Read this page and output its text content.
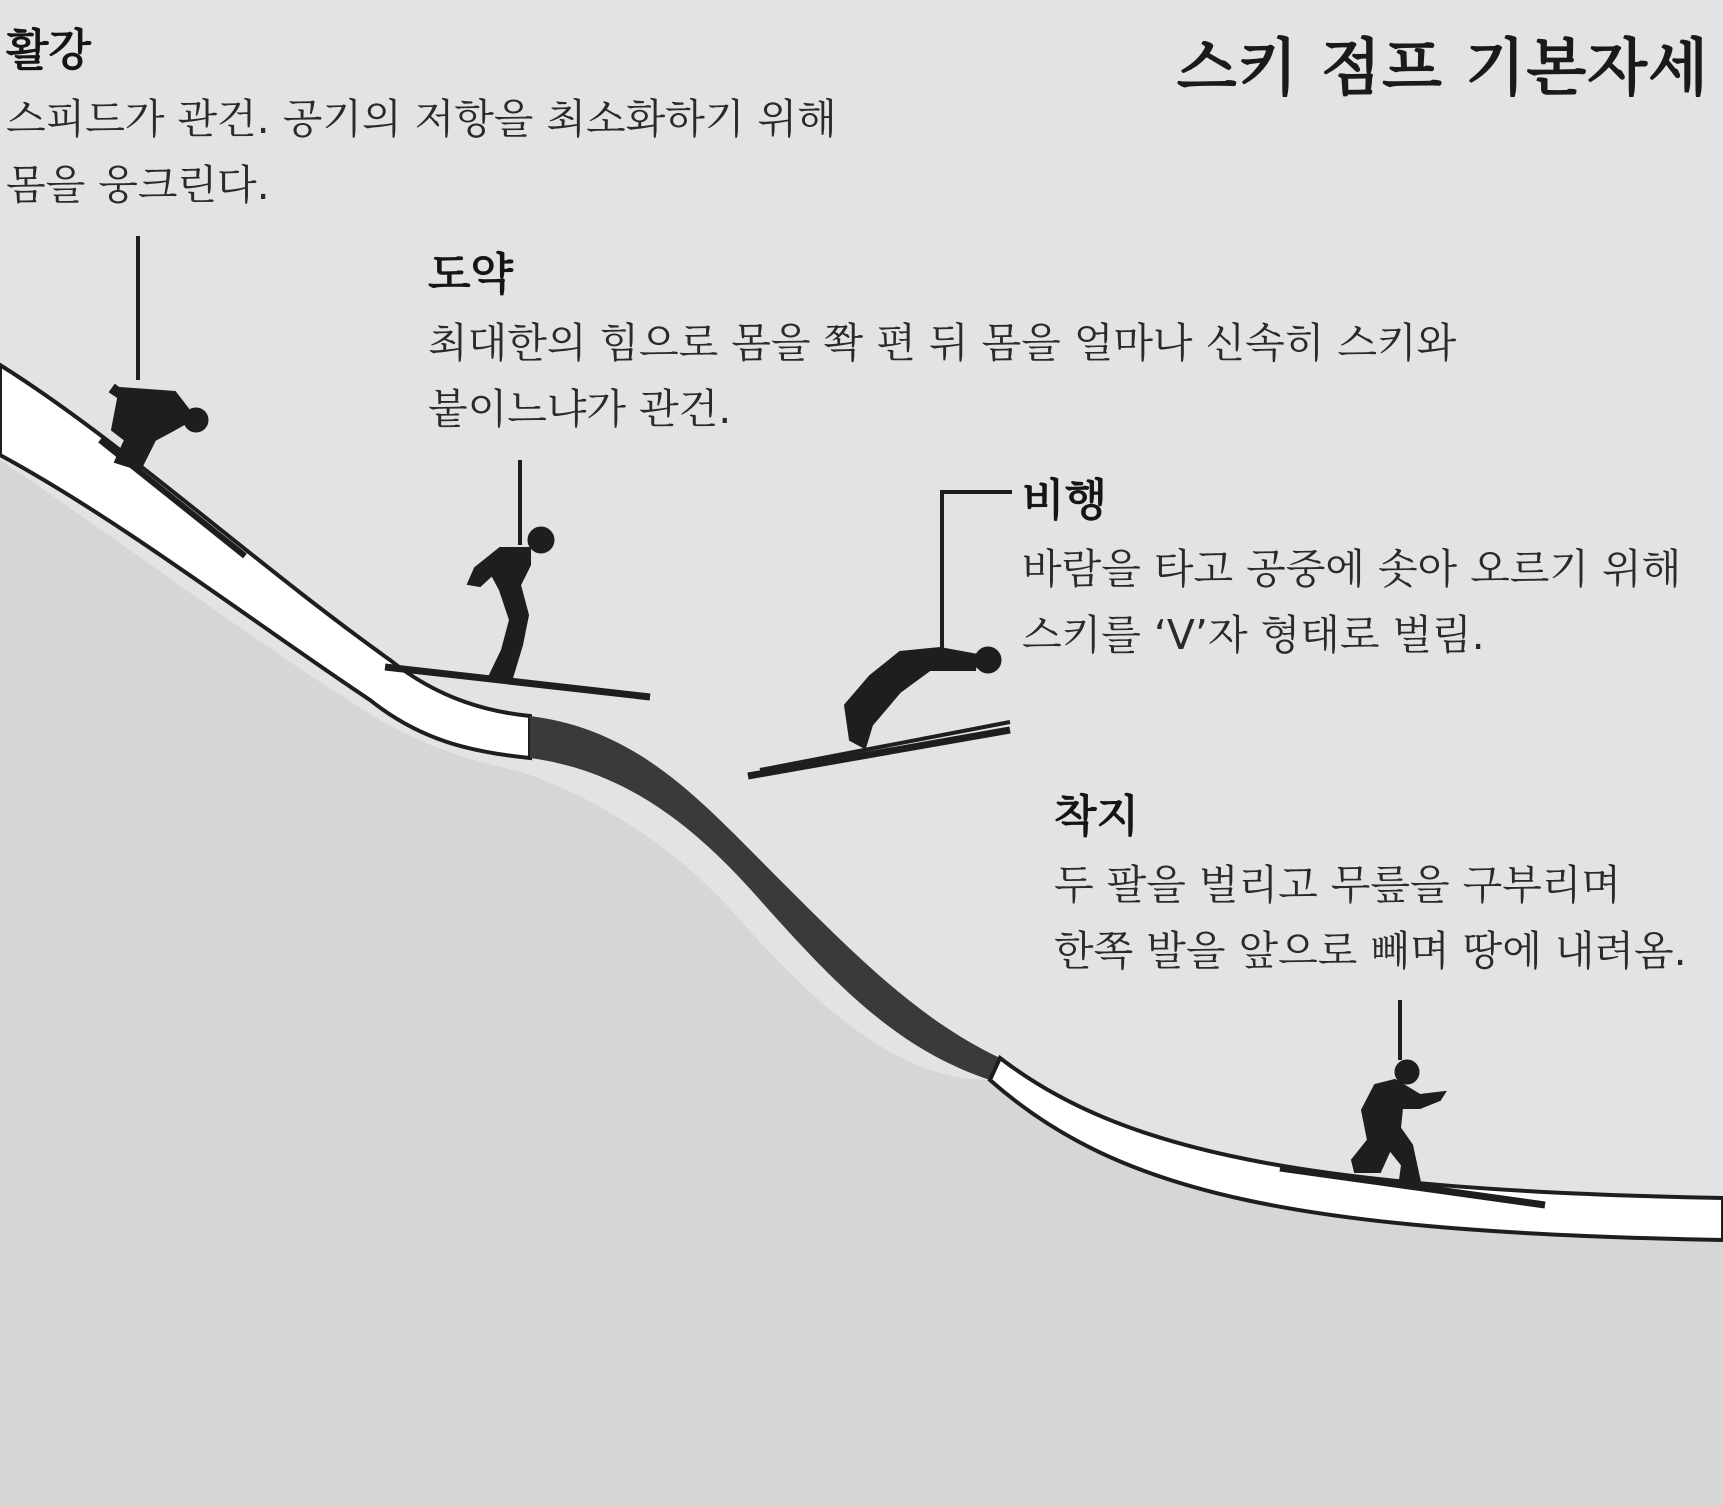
스키 점프 기본자세
활강
스피드가 관건. 공기의 저항을 최소화하기 위해
몸을 웅크린다.
도약
최대한의 힘으로 몸을 쫙 편 뒤 몸을 얼마나 신속히 스키와
붙이느냐가 관건.
비행
바람을 타고 공중에 솟아 오르기 위해
스키를 ‘V’자 형태로 벌림.
착지
두 팔을 벌리고 무릎을 구부리며
한쪽 발을 앞으로 빼며 땅에 내려옴.
